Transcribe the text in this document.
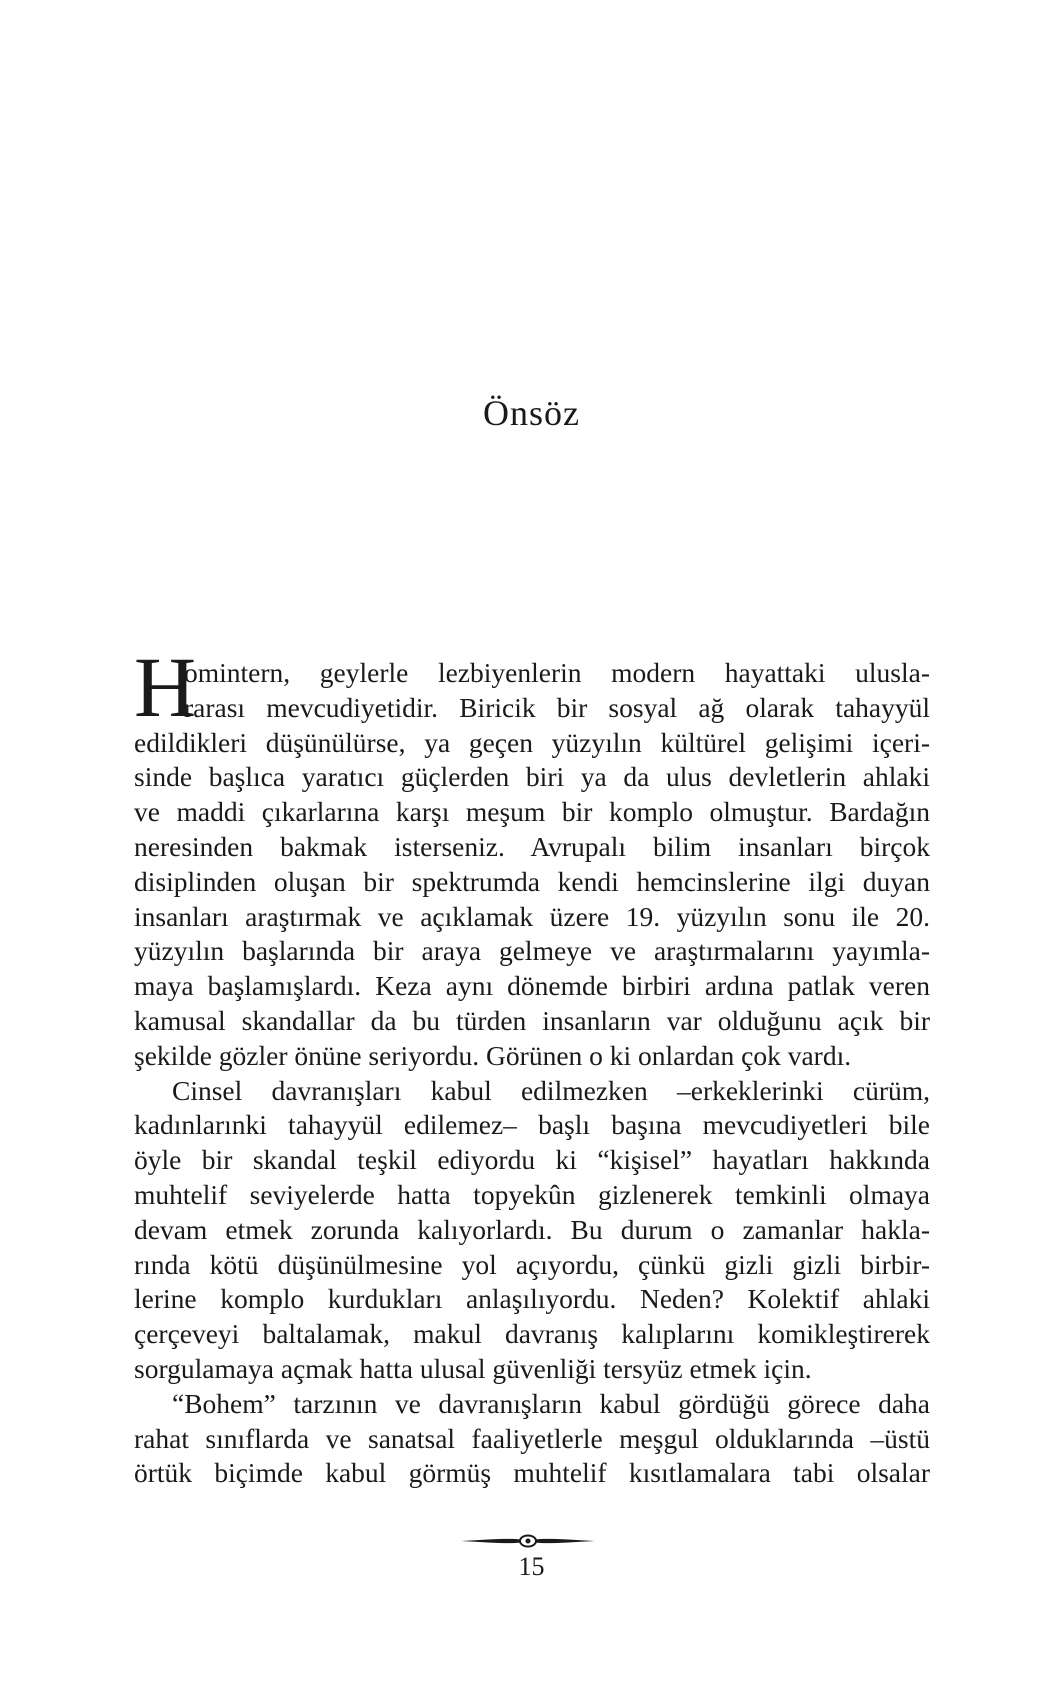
Önsöz
H
omintern, geylerle lezbiyenlerin modern hayattaki ulusla-
rarası mevcudiyetidir. Biricik bir sosyal ağ olarak tahayyül
edildikleri düşünülürse, ya geçen yüzyılın kültürel gelişimi içeri-
sinde başlıca yaratıcı güçlerden biri ya da ulus devletlerin ahlaki
ve maddi çıkarlarına karşı meşum bir komplo olmuştur. Bardağın
neresinden bakmak isterseniz. Avrupalı bilim insanları birçok
disiplinden oluşan bir spektrumda kendi hemcinslerine ilgi duyan
insanları araştırmak ve açıklamak üzere 19. yüzyılın sonu ile 20.
yüzyılın başlarında bir araya gelmeye ve araştırmalarını yayımla-
maya başlamışlardı. Keza aynı dönemde birbiri ardına patlak veren
kamusal skandallar da bu türden insanların var olduğunu açık bir
şekilde gözler önüne seriyordu. Görünen o ki onlardan çok vardı.
Cinsel davranışları kabul edilmezken –erkeklerinki cürüm,
kadınlarınki tahayyül edilemez– başlı başına mevcudiyetleri bile
öyle bir skandal teşkil ediyordu ki “kişisel” hayatları hakkında
muhtelif seviyelerde hatta topyekûn gizlenerek temkinli olmaya
devam etmek zorunda kalıyorlardı. Bu durum o zamanlar hakla-
rında kötü düşünülmesine yol açıyordu, çünkü gizli gizli birbir-
lerine komplo kurdukları anlaşılıyordu. Neden? Kolektif ahlaki
çerçeveyi baltalamak, makul davranış kalıplarını komikleştirerek
sorgulamaya açmak hatta ulusal güvenliği tersyüz etmek için.
“Bohem” tarzının ve davranışların kabul gördüğü görece daha
rahat sınıflarda ve sanatsal faaliyetlerle meşgul olduklarında –üstü
örtük biçimde kabul görmüş muhtelif kısıtlamalara tabi olsalar
15
